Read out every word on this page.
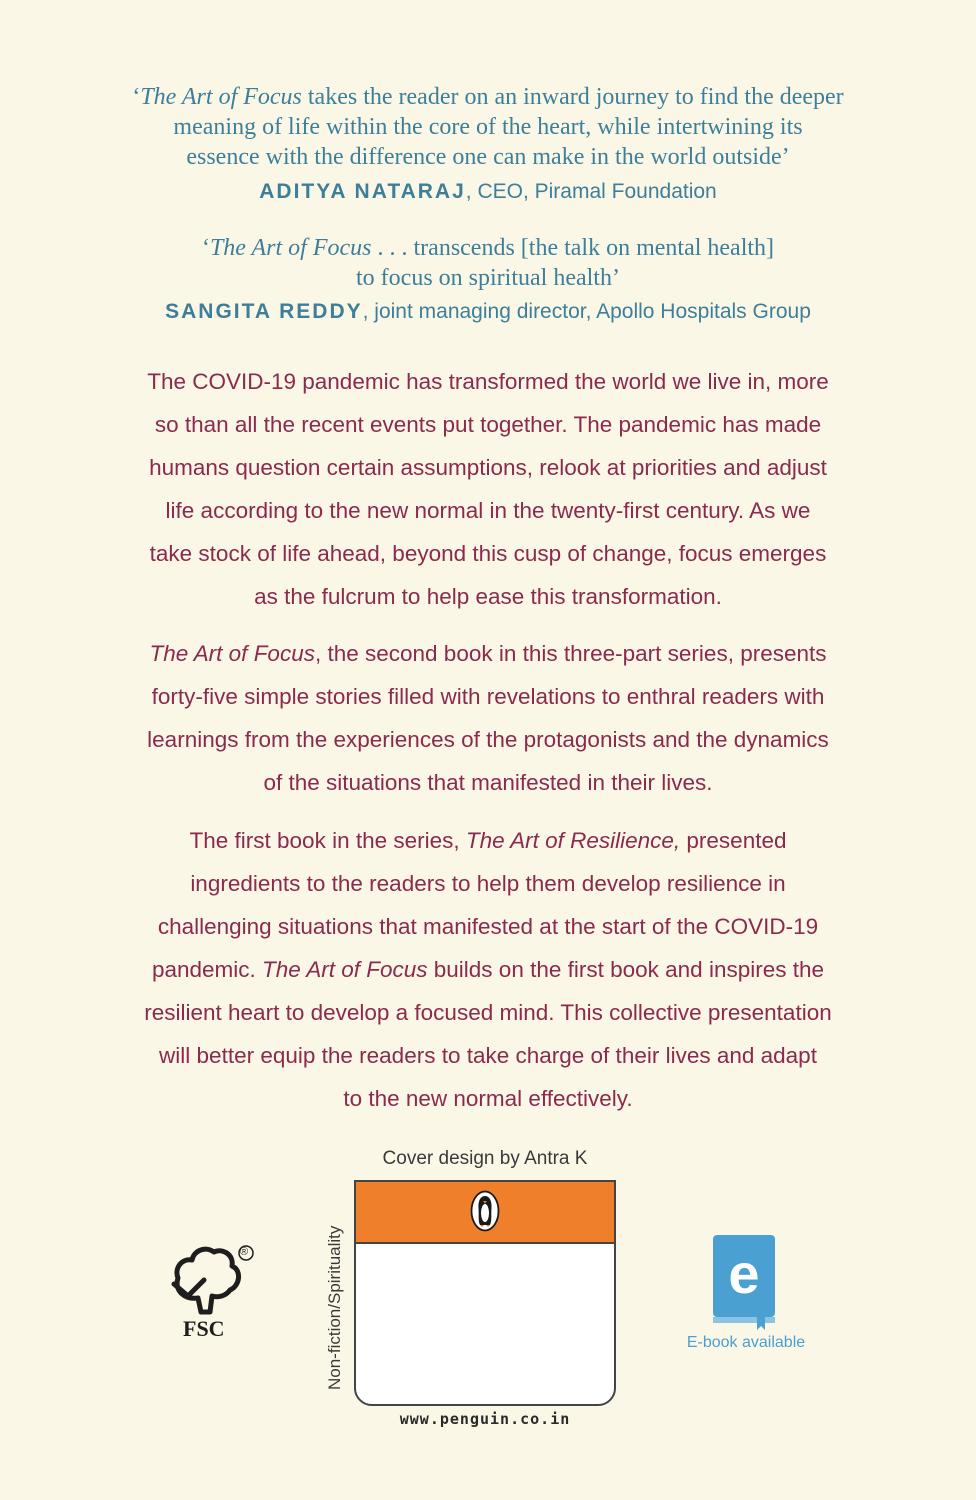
‘The Art of Focus takes the reader on an inward journey to find the deeper
meaning of life within the core of the heart, while intertwining its
essence with the difference one can make in the world outside’
ADITYA NATARAJ, CEO, Piramal Foundation
‘The Art of Focus . . . transcends [the talk on mental health]
to focus on spiritual health’
SANGITA REDDY, joint managing director, Apollo Hospitals Group
The COVID-19 pandemic has transformed the world we live in, more
so than all the recent events put together. The pandemic has made
humans question certain assumptions, relook at priorities and adjust
life according to the new normal in the twenty-first century. As we
take stock of life ahead, beyond this cusp of change, focus emerges
as the fulcrum to help ease this transformation.
The Art of Focus, the second book in this three-part series, presents
forty-five simple stories filled with revelations to enthral readers with
learnings from the experiences of the protagonists and the dynamics
of the situations that manifested in their lives.
The first book in the series, The Art of Resilience, presented
ingredients to the readers to help them develop resilience in
challenging situations that manifested at the start of the COVID-19
pandemic. The Art of Focus builds on the first book and inspires the
resilient heart to develop a focused mind. This collective presentation
will better equip the readers to take charge of their lives and adapt
to the new normal effectively.
Cover design by Antra K
Non-fiction/Spirituality
www.penguin.co.in
®
FSC
e
E-book available
